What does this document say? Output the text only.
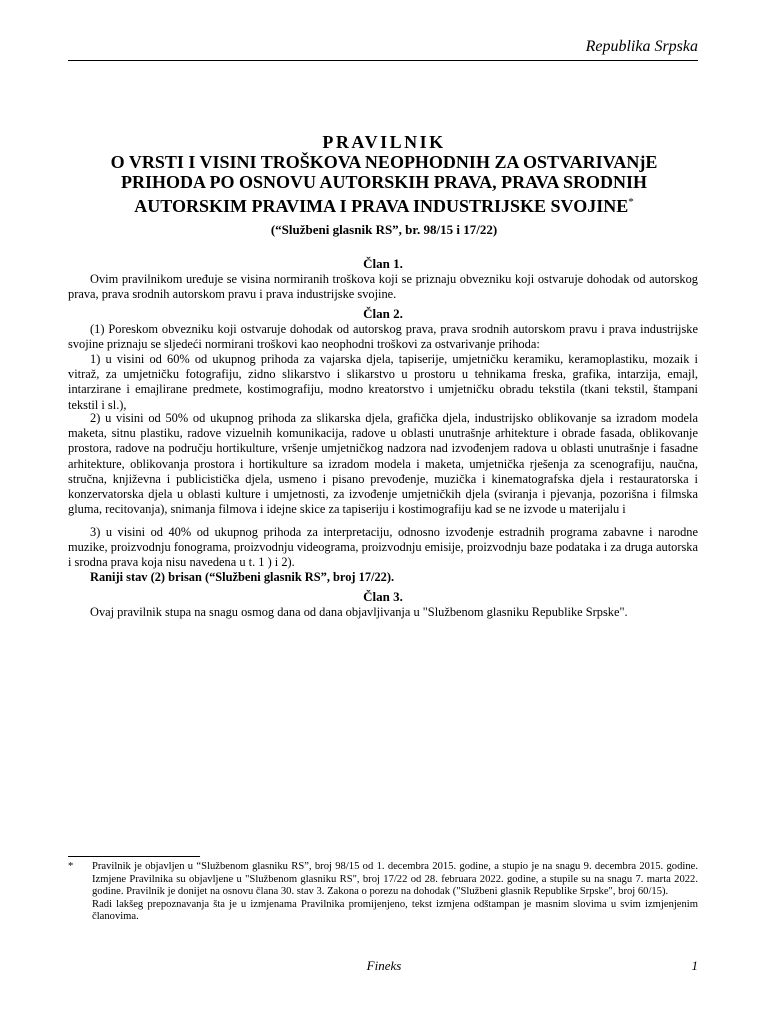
Republika Srpska
PRAVILNIK
O VRSTI I VISINI TROŠKOVA NEOPHODNIH ZA OSTVARIVANjE
PRIHODA PO OSNOVU AUTORSKIH PRAVA, PRAVA SRODNIH
AUTORSKIM PRAVIMA I PRAVA INDUSTRIJSKE SVOJINE*
(“Službeni glasnik RS”, br. 98/15 i 17/22)
Član 1.
Ovim pravilnikom uređuje se visina normiranih troškova koji se priznaju obvezniku koji ostvaruje dohodak od autorskog prava, prava srodnih autorskom pravu i prava industrijske svojine.
Član 2.
(1) Poreskom obvezniku koji ostvaruje dohodak od autorskog prava, prava srodnih autorskom pravu i prava industrijske svojine priznaju se sljedeći normirani troškovi kao neophodni troškovi za ostvarivanje prihoda:
1) u visini od 60% od ukupnog prihoda za vajarska djela, tapiserije, umjetničku keramiku, keramoplastiku, mozaik i vitraž, za umjetničku fotografiju, zidno slikarstvo i slikarstvo u prostoru u tehnikama freska, grafika, intarzija, emajl, intarzirane i emajlirane predmete, kostimografiju, modno kreatorstvo i umjetničku obradu tekstila (tkani tekstil, štampani tekstil i sl.),
2) u visini od 50% od ukupnog prihoda za slikarska djela, grafička djela, industrijsko oblikovanje sa izradom modela maketa, sitnu plastiku, radove vizuelnih komunikacija, radove u oblasti unutrašnje arhitekture i obrade fasada, oblikovanje prostora, radove na području hortikulture, vršenje umjetničkog nadzora nad izvođenjem radova u oblasti unutrašnje i fasadne arhitekture, oblikovanja prostora i hortikulture sa izradom modela i maketa, umjetnička rješenja za scenografiju, naučna, stručna, književna i publicistička djela, usmeno i pisano prevođenje, muzička i kinematografska djela i restauratorska i konzervatorska djela u oblasti kulture i umjetnosti, za izvođenje umjetničkih djela (sviranja i pjevanja, pozorišna i filmska gluma, recitovanja), snimanja filmova i idejne skice za tapiseriju i kostimografiju kad se ne izvode u materijalu i
3) u visini od 40% od ukupnog prihoda za interpretaciju, odnosno izvođenje estradnih programa zabavne i narodne muzike, proizvodnju fonograma, proizvodnju videograma, proizvodnju emisije, proizvodnju baze podataka i za druga autorska i srodna prava koja nisu navedena u t. 1 ) i 2).
Raniji stav (2) brisan (“Službeni glasnik RS”, broj 17/22).
Član 3.
Ovaj pravilnik stupa na snagu osmog dana od dana objavljivanja u "Službenom glasniku Republike Srpske".
* Pravilnik je objavljen u “Službenom glasniku RS”, broj 98/15 od 1. decembra 2015. godine, a stupio je na snagu 9. decembra 2015. godine. Izmjene Pravilnika su objavljene u "Službenom glasniku RS", broj 17/22 od 28. februara 2022. godine, a stupile su na snagu 7. marta 2022. godine. Pravilnik je donijet na osnovu člana 30. stav 3. Zakona o porezu na dohodak ("Službeni glasnik Republike Srpske", broj 60/15).

Radi lakšeg prepoznavanja šta je u izmjenama Pravilnika promijenjeno, tekst izmjena odštampan je masnim slovima u svim izmjenjenim članovima.

Fineks	1
